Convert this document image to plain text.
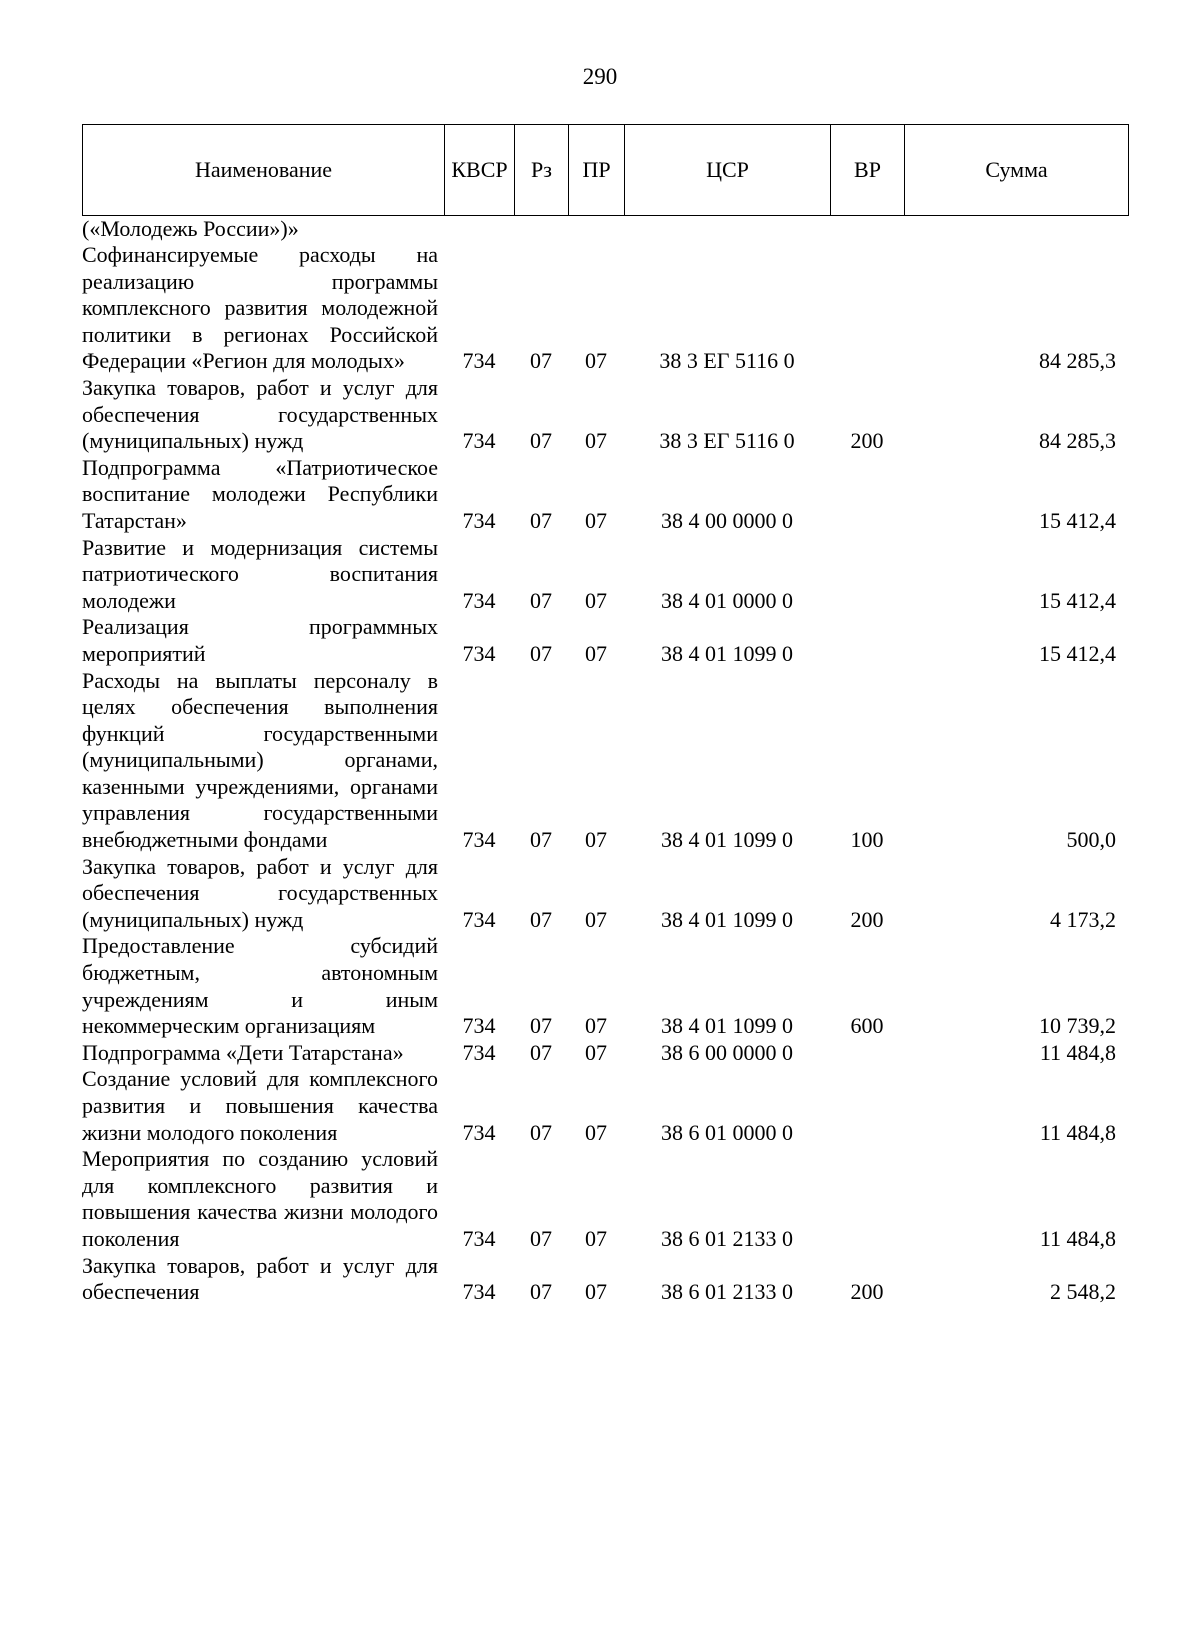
290
Наименование	КВСР	Рз	ПР	ЦСР	ВР	Сумма
(«Молодежь России»)»						
Софинансируемые расходы на реализацию программы комплексного развития молодежной политики в регионах Российской Федерации «Регион для молодых»	734	07	07	38 3 ЕГ 5116 0		84 285,3
Закупка товаров, работ и услуг для обеспечения государственных (муниципальных) нужд	734	07	07	38 3 ЕГ 5116 0	200	84 285,3
Подпрограмма «Патриотическое воспитание молодежи Республики Татарстан»	734	07	07	38 4 00 0000 0		15 412,4
Развитие и модернизация системы патриотического воспитания молодежи	734	07	07	38 4 01 0000 0		15 412,4
Реализация программных мероприятий	734	07	07	38 4 01 1099 0		15 412,4
Расходы на выплаты персоналу в целях обеспечения выполнения функций государственными (муниципальными) органами, казенными учреждениями, органами управления государственными внебюджетными фондами	734	07	07	38 4 01 1099 0	100	500,0
Закупка товаров, работ и услуг для обеспечения государственных (муниципальных) нужд	734	07	07	38 4 01 1099 0	200	4 173,2
Предоставление субсидий бюджетным, автономным учреждениям и иным некоммерческим организациям	734	07	07	38 4 01 1099 0	600	10 739,2
Подпрограмма «Дети Татарстана»	734	07	07	38 6 00 0000 0		11 484,8
Создание условий для комплексного развития и повышения качества жизни молодого поколения	734	07	07	38 6 01 0000 0		11 484,8
Мероприятия по созданию условий для комплексного развития и повышения качества жизни молодого поколения	734	07	07	38 6 01 2133 0		11 484,8
Закупка товаров, работ и услуг для обеспечения	734	07	07	38 6 01 2133 0	200	2 548,2
